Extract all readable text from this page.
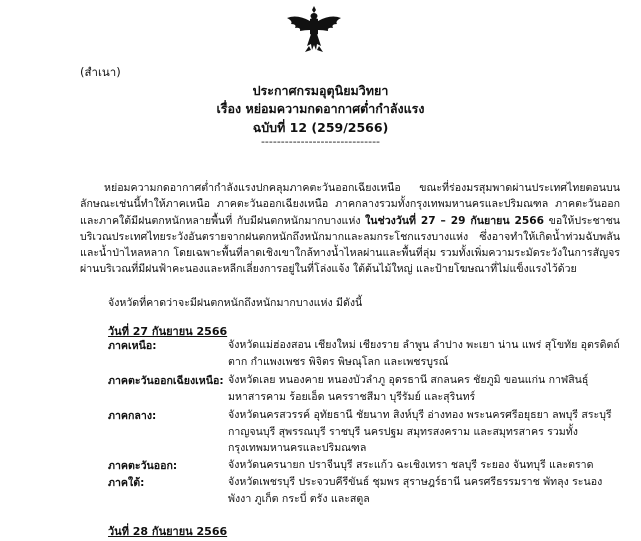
(สำเนา)
ประกาศกรมอุตุนิยมวิทยา
เรื่อง หย่อมความกดอากาศต่ำกำลังแรง
ฉบับที่ 12 (259/2566)
------------------------------
หย่อมความกดอากาศต่ำกำลังแรงปกคลุมภาคตะวันออกเฉียงเหนือ ขณะที่ร่องมรสุมพาดผ่านประเทศไทยตอนบน ลักษณะเช่นนี้ทำให้ภาคเหนือ ภาคตะวันออกเฉียงเหนือ ภาคกลางรวมทั้งกรุงเทพมหานครและปริมณฑล ภาคตะวันออก และภาคใต้มีฝนตกหนักหลายพื้นที่ กับมีฝนตกหนักมากบางแห่ง ในช่วงวันที่ 27 – 29 กันยายน 2566 ขอให้ประชาชนบริเวณประเทศไทยระวังอันตรายจากฝนตกหนักถึงหนักมากและลมกระโชกแรงบางแห่ง ซึ่งอาจทำให้เกิดน้ำท่วมฉับพลันและน้ำป่าไหลหลาก โดยเฉพาะพื้นที่ลาดเชิงเขาใกล้ทางน้ำไหลผ่านและพื้นที่ลุ่ม รวมทั้งเพิ่มความระมัดระวังในการสัญจรผ่านบริเวณที่มีฝนฟ้าคะนองและหลีกเลี่ยงการอยู่ในที่โล่งแจ้ง ใต้ต้นไม้ใหญ่ และป้ายโฆษณาที่ไม่แข็งแรงไว้ด้วย
จังหวัดที่คาดว่าจะมีฝนตกหนักถึงหนักมากบางแห่ง มีดังนี้
วันที่ 27 กันยายน 2566
ภาคเหนือ:	จังหวัดแม่ฮ่องสอน เชียงใหม่ เชียงราย ลำพูน ลำปาง พะเยา น่าน แพร่ สุโขทัย อุตรดิตถ์ ตาก กำแพงเพชร พิจิตร พิษณุโลก และเพชรบูรณ์
ภาคตะวันออกเฉียงเหนือ: จังหวัดเลย หนองคาย หนองบัวลำภู อุดรธานี สกลนคร ชัยภูมิ ขอนแก่น กาฬสินธุ์ มหาสารคาม ร้อยเอ็ด นครราชสีมา บุรีรัมย์ และสุรินทร์
ภาคกลาง:	จังหวัดนครสวรรค์ อุทัยธานี ชัยนาท สิงห์บุรี อ่างทอง พระนครศรีอยุธยา ลพบุรี สระบุรี กาญจนบุรี สุพรรณบุรี ราชบุรี นครปฐม สมุทรสงคราม และสมุทรสาคร รวมทั้งกรุงเทพมหานครและปริมณฑล
ภาคตะวันออก:	จังหวัดนครนายก ปราจีนบุรี สระแก้ว ฉะเชิงเทรา ชลบุรี ระยอง จันทบุรี และตราด
ภาคใต้:	จังหวัดเพชรบุรี ประจวบคีรีขันธ์ ชุมพร สุราษฎร์ธานี นครศรีธรรมราช พัทลุง ระนอง พังงา ภูเก็ต กระบี่ ตรัง และสตูล
วันที่ 28 กันยายน 2566
